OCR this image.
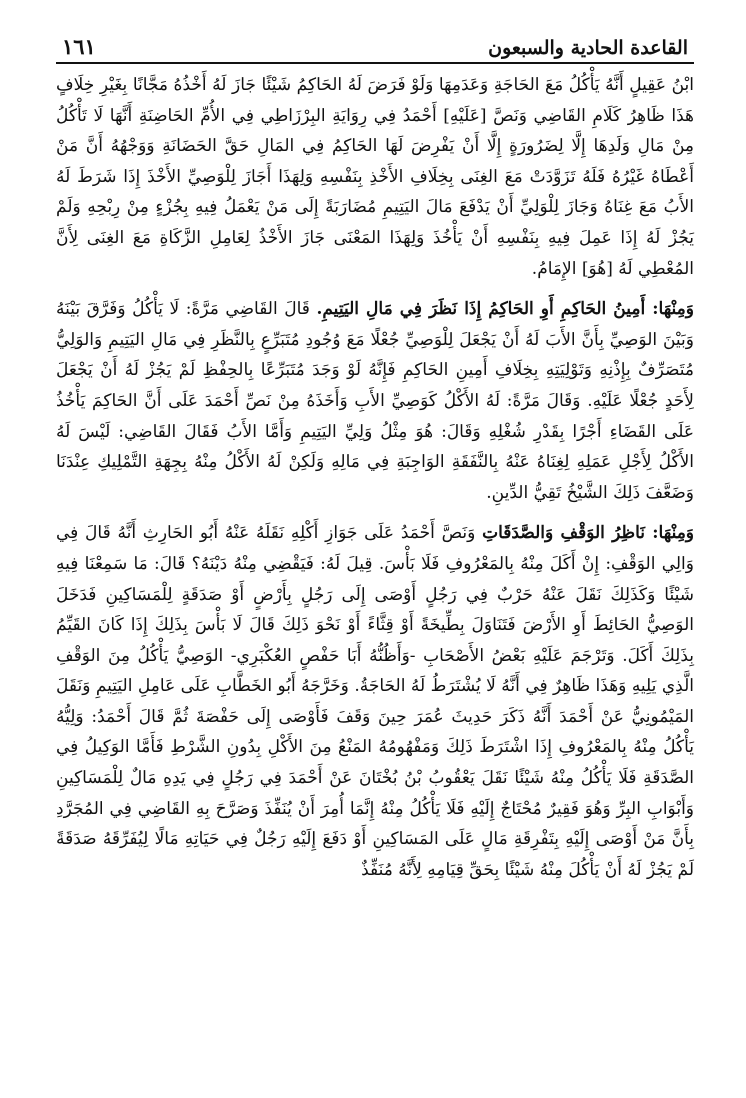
القاعدة الحادية والسبعون
١٦١

ابْنُ عَقِيلٍ أَنَّهُ يَأْكُلُ مَعَ الحَاجَةِ وَعَدَمِهَا وَلَوْ فَرَضَ لَهُ الحَاكِمُ شَيْئًا جَازَ لَهُ أَخْذُهُ مَجَّانًا بِغَيْرِ خِلَافٍ هَذَا ظَاهِرُ كَلَامِ القَاضِي وَنَصَّ [عَلَيْهِ] أَحْمَدُ فِي رِوَايَةِ البِرْزَاطِي فِي الأُمِّ الحَاضِنَةِ أَنَّهَا لَا تَأْكُلُ مِنْ مَالِ وَلَدِهَا إِلَّا لِضَرُورَةٍ إِلَّا أَنْ يَفْرِضَ لَهَا الحَاكِمُ فِي المَالِ حَقَّ الحَضَانَةِ وَوَجْهُهُ أَنَّ مَنْ أَعْطَاهُ غَيْرُهُ فَلَهُ تَزَوَّدَتْ مَعَ الغِنَى بِخِلَافِ الأَخْذِ بِنَفْسِهِ وَلِهَذَا أَجَازَ لِلْوَصِيِّ الأَخْذَ إِذَا شَرَطَ لَهُ الأَبُ مَعَ غِنَاهُ وَجَازَ لِلْوَلِيِّ أَنْ يَدْفَعَ مَالَ اليَتِيمِ مُضَارَبَةً إِلَى مَنْ يَعْمَلُ فِيهِ بِجُزْءٍ مِنْ رِبْحِهِ وَلَمْ يَجُزْ لَهُ إِذَا عَمِلَ فِيهِ بِنَفْسِهِ أَنْ يَأْخُذَ وَلِهَذَا المَعْنَى جَازَ الأَخْذُ لِعَامِلِ الزَّكَاةِ مَعَ الغِنَى لِأَنَّ المُعْطِي لَهُ [هُوَ] الإِمَامُ.

وَمِنْهَا: أَمِينُ الحَاكِمِ أَوِ الحَاكِمُ إِذَا نَظَرَ فِي مَالِ اليَتِيمِ. قَالَ القَاضِي مَرَّةً: لَا يَأْكُلُ وَفَرَّقَ بَيْنَهُ وَبَيْنَ الوَصِيِّ بِأَنَّ الأَبَ لَهُ أَنْ يَجْعَلَ لِلْوَصِيِّ جُعْلًا مَعَ وُجُودِ مُتَبَرِّعٍ بِالنَّظَرِ فِي مَالِ اليَتِيمِ وَالوَلِيُّ مُتَصَرِّفٌ بِإِذْنِهِ وَتَوْلِيَتِهِ بِخِلَافِ أَمِينِ الحَاكِمِ فَإِنَّهُ لَوْ وَجَدَ مُتَبَرِّعًا بِالحِفْظِ لَمْ يَجُزْ لَهُ أَنْ يَجْعَلَ لِأَحَدٍ جُعْلًا عَلَيْهِ. وَقَالَ مَرَّةً: لَهُ الأَكْلُ كَوَصِيِّ الأَبِ وَأَخَذَهُ مِنْ نَصِّ أَحْمَدَ عَلَى أَنَّ الحَاكِمَ يَأْخُذُ عَلَى القَضَاءِ أَجْرًا بِقَدْرِ شُغْلِهِ وَقَالَ: هُوَ مِثْلُ وَلِيِّ اليَتِيمِ وَأَمَّا الأَبُ فَقَالَ القَاضِي: لَيْسَ لَهُ الأَكْلُ لِأَجْلِ عَمَلِهِ لِغِنَاهُ عَنْهُ بِالنَّفَقَةِ الوَاجِبَةِ فِي مَالِهِ وَلَكِنْ لَهُ الأَكْلُ مِنْهُ بِجِهَةِ التَّمْلِيكِ عِنْدَنَا وَضَعَّفَ ذَلِكَ الشَّيْخُ تَقِيُّ الدِّينِ.

وَمِنْهَا: نَاظِرُ الوَقْفِ وَالصَّدَقَاتِ وَنَصَّ أَحْمَدُ عَلَى جَوَازِ أَكْلِهِ نَقَلَهُ عَنْهُ أَبُو الحَارِثِ أَنَّهُ قَالَ فِي وَالِي الوَقْفِ: إِنْ أَكَلَ مِنْهُ بِالمَعْرُوفِ فَلَا بَأْسَ. قِيلَ لَهُ: فَيَقْضِي مِنْهُ دَيْنَهُ؟ قَالَ: مَا سَمِعْنَا فِيهِ شَيْئًا وَكَذَلِكَ نَقَلَ عَنْهُ حَرْبٌ فِي رَجُلٍ أَوْصَى إِلَى رَجُلٍ بِأَرْضٍ أَوْ صَدَقَةٍ لِلْمَسَاكِينِ فَدَخَلَ الوَصِيُّ الحَائِطَ أَوِ الأَرْضَ فَتَنَاوَلَ بِطِّيخَةً أَوْ قِثَّاءً أَوْ نَحْوَ ذَلِكَ قَالَ لَا بَأْسَ بِذَلِكَ إِذَا كَانَ القَيِّمُ بِذَلِكَ أَكَلَ. وَتَرْجَمَ عَلَيْهِ بَعْضُ الأَصْحَابِ -وَأَظُنُّهُ أَبَا حَفْصٍ العُكْبَرِي- الوَصِيُّ يَأْكُلُ مِنَ الوَقْفِ الَّذِي يَلِيهِ وَهَذَا ظَاهِرٌ فِي أَنَّهُ لَا يُشْتَرَطُ لَهُ الحَاجَةُ. وَخَرَّجَهُ أَبُو الخَطَّابِ عَلَى عَامِلِ اليَتِيمِ وَنَقَلَ المَيْمُونِيُّ عَنْ أَحْمَدَ أَنَّهُ ذَكَرَ حَدِيثَ عُمَرَ حِينَ وَقَفَ فَأَوْصَى إِلَى حَفْصَةَ ثُمَّ قَالَ أَحْمَدُ: وَلِيُّهُ يَأْكُلُ مِنْهُ بِالمَعْرُوفِ إِذَا اشْتَرَطَ ذَلِكَ وَمَفْهُومُهُ المَنْعُ مِنَ الأَكْلِ بِدُونِ الشَّرْطِ فَأَمَّا الوَكِيلُ فِي الصَّدَقَةِ فَلَا يَأْكُلُ مِنْهُ شَيْئًا نَقَلَ يَعْقُوبُ بْنُ بُخْتَانَ عَنْ أَحْمَدَ فِي رَجُلٍ فِي يَدِهِ مَالٌ لِلْمَسَاكِينِ وَأَبْوَابِ البِرِّ وَهُوَ فَقِيرٌ مُحْتَاجٌ إِلَيْهِ فَلَا يَأْكُلُ مِنْهُ إِنَّمَا أُمِرَ أَنْ يُنَفِّذَ وَصَرَّحَ بِهِ القَاضِي فِي المُجَرَّدِ بِأَنَّ مَنْ أَوْصَى إِلَيْهِ بِتَفْرِقَةِ مَالٍ عَلَى المَسَاكِينِ أَوْ دَفَعَ إِلَيْهِ رَجُلٌ فِي حَيَاتِهِ مَالًا لِيُفَرِّقَهُ صَدَقَةً لَمْ يَجُزْ لَهُ أَنْ يَأْكُلَ مِنْهُ شَيْئًا بِحَقِّ قِيَامِهِ لِأَنَّهُ مُنَفِّذٌ
